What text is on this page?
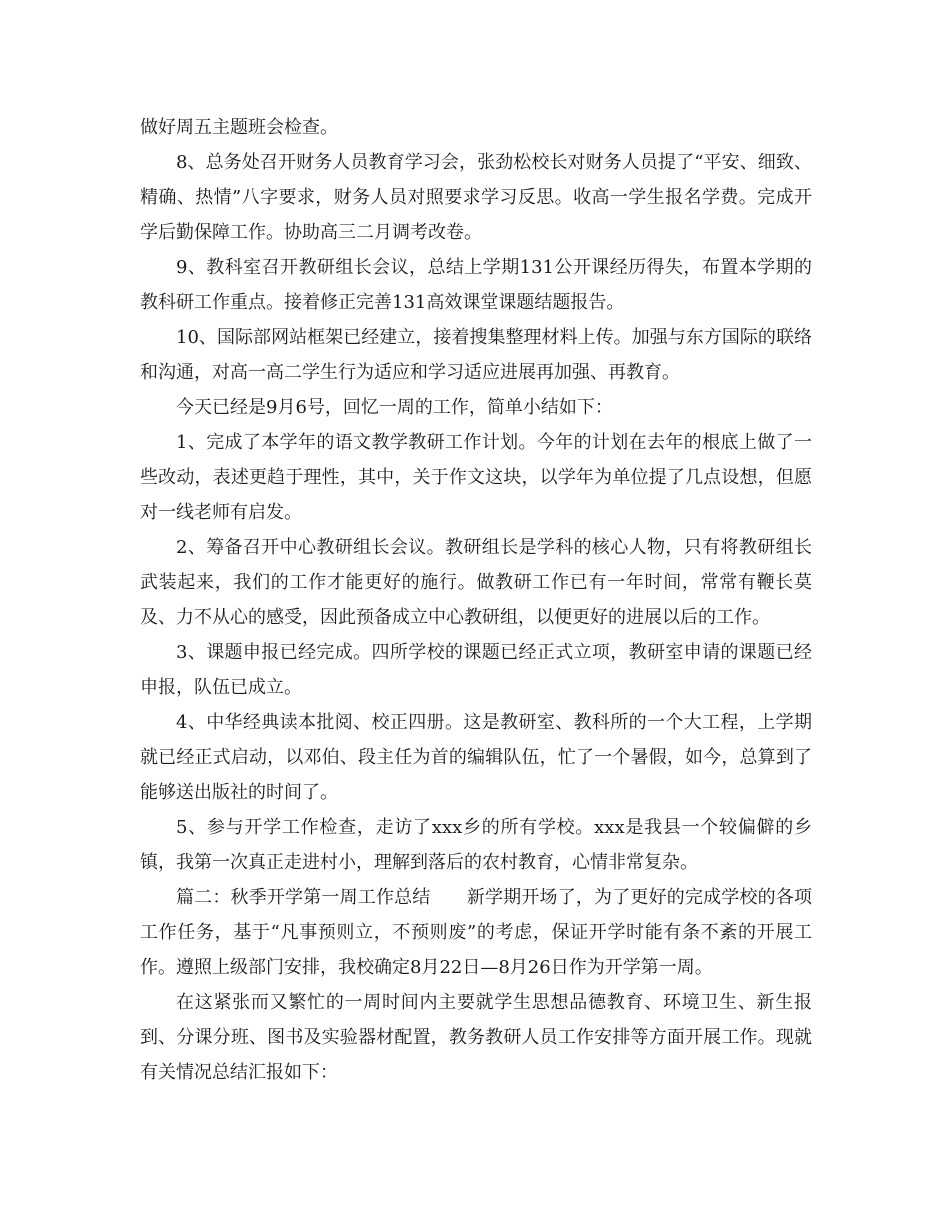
做好周五主题班会检查。

8、总务处召开财务人员教育学习会，张劲松校长对财务人员提了“平安、细致、精确、热情”八字要求，财务人员对照要求学习反思。收高一学生报名学费。完成开学后勤保障工作。协助高三二月调考改卷。

9、教科室召开教研组长会议，总结上学期131公开课经历得失，布置本学期的教科研工作重点。接着修正完善131高效课堂课题结题报告。

10、国际部网站框架已经建立，接着搜集整理材料上传。加强与东方国际的联络和沟通，对高一高二学生行为适应和学习适应进展再加强、再教育。

今天已经是9月6号，回忆一周的工作，简单小结如下：

1、完成了本学年的语文教学教研工作计划。今年的计划在去年的根底上做了一些改动，表述更趋于理性，其中，关于作文这块，以学年为单位提了几点设想，但愿对一线老师有启发。

2、筹备召开中心教研组长会议。教研组长是学科的核心人物，只有将教研组长武装起来，我们的工作才能更好的施行。做教研工作已有一年时间，常常有鞭长莫及、力不从心的感受，因此预备成立中心教研组，以便更好的进展以后的工作。

3、课题申报已经完成。四所学校的课题已经正式立项，教研室申请的课题已经申报，队伍已成立。

4、中华经典读本批阅、校正四册。这是教研室、教科所的一个大工程，上学期就已经正式启动，以邓伯、段主任为首的编辑队伍，忙了一个暑假，如今，总算到了能够送出版社的时间了。

5、参与开学工作检查，走访了xxx乡的所有学校。xxx是我县一个较偏僻的乡镇，我第一次真正走进村小，理解到落后的农村教育，心情非常复杂。

篇二：秋季开学第一周工作总结　　新学期开场了，为了更好的完成学校的各项工作任务，基于“凡事预则立，不预则废”的考虑，保证开学时能有条不紊的开展工作。遵照上级部门安排，我校确定8月22日—8月26日作为开学第一周。

在这紧张而又繁忙的一周时间内主要就学生思想品德教育、环境卫生、新生报到、分课分班、图书及实验器材配置，教务教研人员工作安排等方面开展工作。现就有关情况总结汇报如下：
